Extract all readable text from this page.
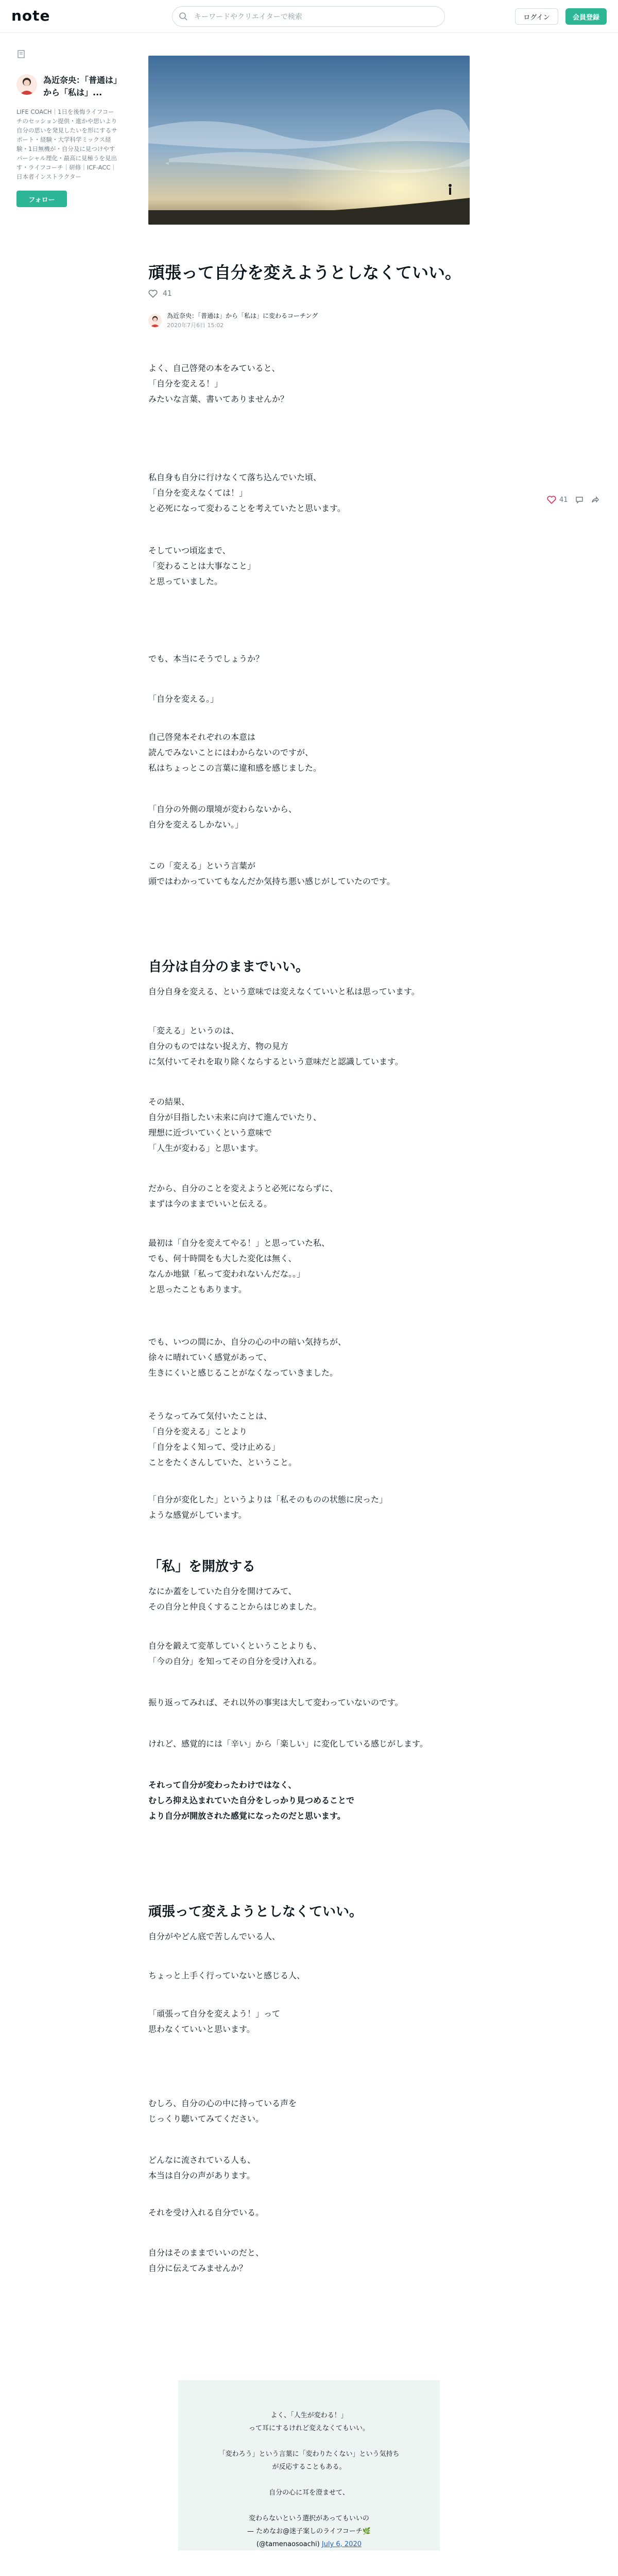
note
キーワードやクリエイターで検索	ログイン	会員登録
為近奈央：「普通は」から「私は」...
LIFE COACH｜1日を後悔ライフコーチのセッション提供・進かや思いより自分の思いを発見したいを形にするサポート・経験・大学科学ミックス経験・1日無機が・自分及に見つけやすパーシャル理化・最高に見極うを見出す・ライフコーチ｜研修｜ICF-ACC｜日本者インストラクター
フォロー
頑張って自分を変えようとしなくていい。
41
為近奈央：「普通は」から「私は」に変わるコーチング
2020年7月6日 15:02
41

よく、自己啓発の本をみていると、
「自分を変える！」
みたいな言葉、書いてありませんか？

私自身も自分に行けなくて落ち込んでいた頃、
「自分を変えなくては！」
と必死になって変わることを考えていたと思います。

そしていつ頃迄まで、
「変わることは大事なこと」
と思っていました。

でも、本当にそうでしょうか？

「自分を変える。」

自己啓発本それぞれの本意は
読んでみないことにはわからないのですが、
私はちょっとこの言葉に違和感を感じました。

「自分の外側の環境が変わらないから、
自分を変えるしかない。」

この「変える」という言葉が
頭ではわかっていてもなんだか気持ち悪い感じがしていたのです。

自分は自分のままでいい。

自分自身を変える、という意味では変えなくていいと私は思っています。

「変える」というのは、
自分のものではない捉え方、物の見方
に気付いてそれを取り除くならするという意味だと認識しています。

その結果、
自分が目指したい未来に向けて進んでいたり、
理想に近づいていくという意味で
「人生が変わる」と思います。

だから、自分のことを変えようと必死にならずに、
まずは今のままでいいと伝える。

最初は「自分を変えてやる！」と思っていた私、
でも、何十時間をも大した変化は無く、
なんか地獄「私って変われないんだな。。」
と思ったこともあります。

でも、いつの間にか、自分の心の中の暗い気持ちが、
徐々に晴れていく感覚があって、
生きにくいと感じることがなくなっていきました。

そうなってみて気付いたことは、
「自分を変える」ことより
「自分をよく知って、受け止める」
ことをたくさんしていた、ということ。

「自分が変化した」というよりは「私そのものの状態に戻った」
ような感覚がしています。

「私」を開放する

なにか蓋をしていた自分を開けてみて、
その自分と仲良くすることからはじめました。

自分を鍛えて変革していくということよりも、
「今の自分」を知ってその自分を受け入れる。

振り返ってみれば、それ以外の事実は大して変わっていないのです。

けれど、感覚的には「辛い」から「楽しい」に変化している感じがします。

それって自分が変わったわけではなく、
むしろ抑え込まれていた自分をしっかり見つめることで
より自分が開放された感覚になったのだと思います。

頑張って変えようとしなくていい。

自分がやどん底で苦しんでいる人、

ちょっと上手く行っていないと感じる人、

「頑張って自分を変えよう！」って
思わなくていいと思います。

むしろ、自分の心の中に持っている声を
じっくり聴いてみてください。

どんなに流されている人も、
本当は自分の声があります。

それを受け入れる自分でいる。

自分はそのままでいいのだと、
自分に伝えてみませんか？

よく、「人生が変わる！」
って耳にするけれど変えなくてもいい。

「変わろう」という言葉に「変わりたくない」という気持ち
が反応することもある。

自分の心に耳を澄ませて、

変わらないという選択があってもいいの
— ためなお@迷子案しのライフコーチ🌿
(@tamenaosoachi) July 6, 2020
